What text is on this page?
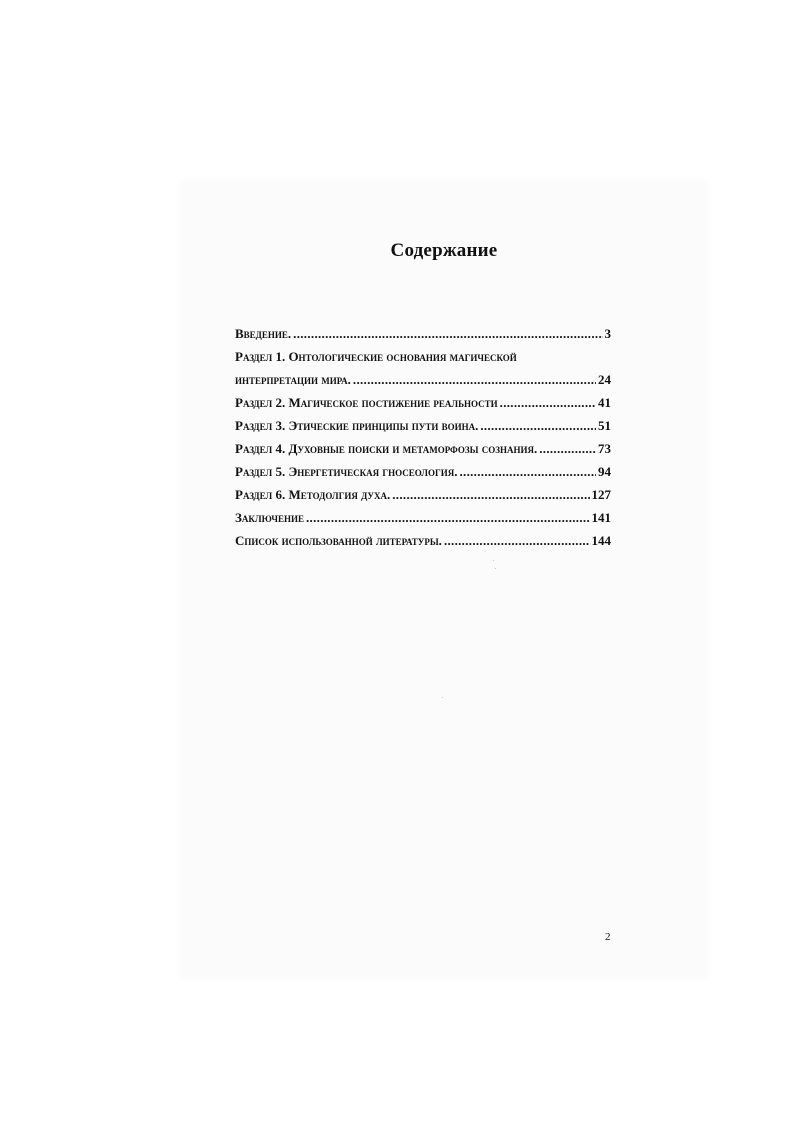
Содержание
Введение. .....	3
Раздел 1. Онтологические основания магической
интерпретации мира. .....	24
Раздел 2. Магическое постижение реальности .....	41
Раздел 3. Этические принципы пути воина. .....	51
Раздел 4. Духовные поиски и метаморфозы сознания. .....	73
Раздел 5. Энергетическая гносеология. .....	94
Раздел 6. Методолгия духа. .....	127
Заключение .....	141
Список использованной литературы. .....	144

2
